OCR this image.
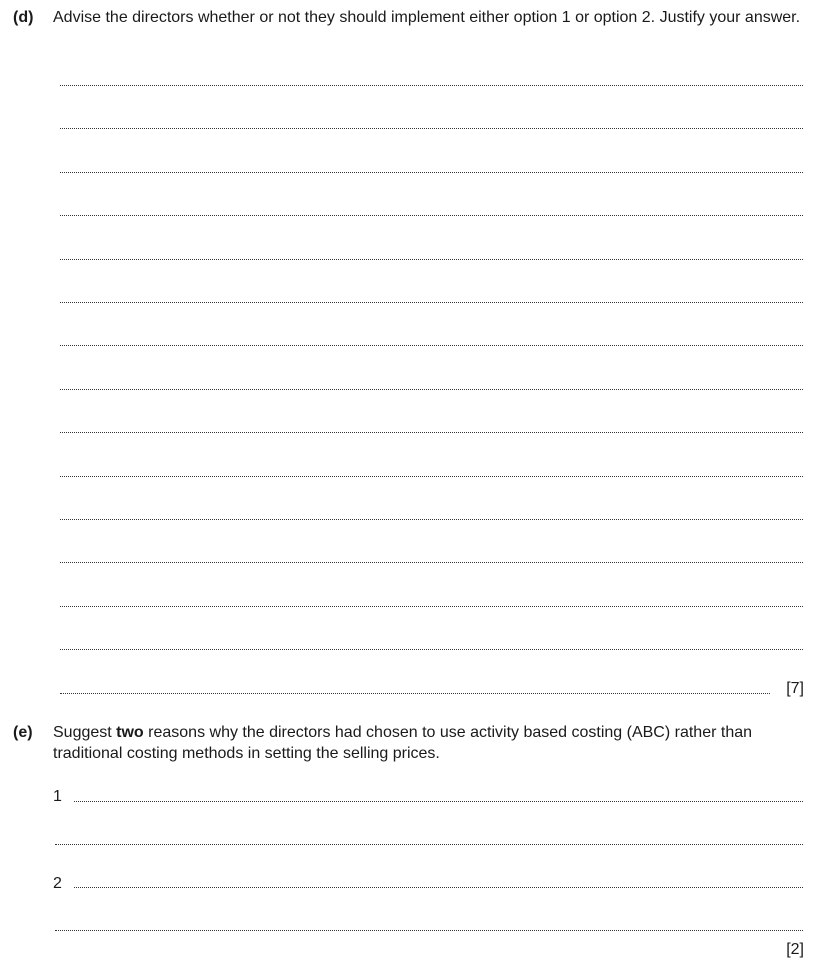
(d) Advise the directors whether or not they should implement either option 1 or option 2. Justify your answer.
[7]
(e) Suggest two reasons why the directors had chosen to use activity based costing (ABC) rather than traditional costing methods in setting the selling prices.
1
2
[2]
